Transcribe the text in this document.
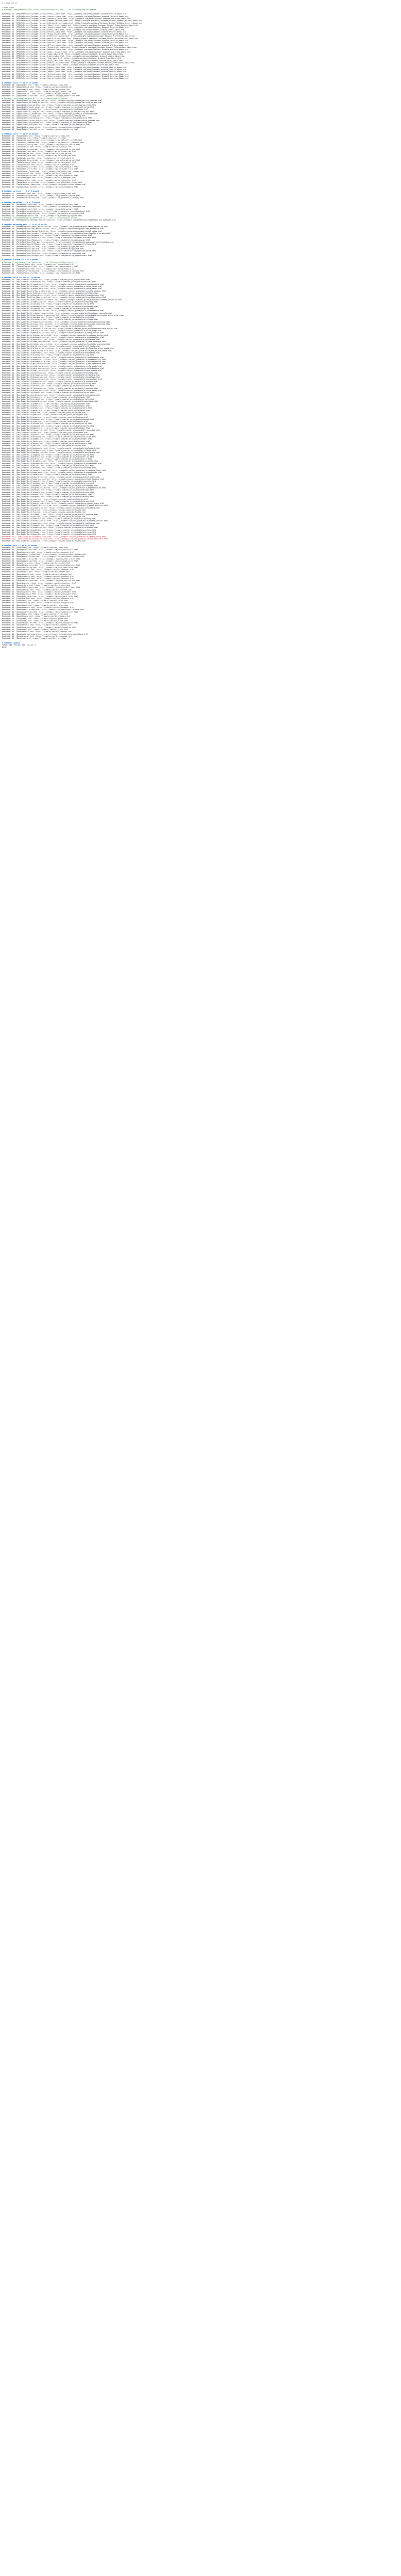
$ ./test_all.sh
> make clean
# Running ./test/base/run_base.sh for /home/user/repo/out/test --- the following modules passed ---
Redirect: OK  /MFE/Reference/Customer_Account_Profile_Admin.html  https://example.com/docs/Customer_Account_Profile_Admin.html
Redirect: OK  /MFE/Reference/Customer_Account_Contacts_Admin.html  https://example.com/docs/Customer_Account_Contacts_Admin.html
Redirect: OK  /MFE/Reference/Customer_Account_Addresses_Admin.html  https://example.com/docs/Customer_Account_Addresses_Admin.html
Redirect: OK  /MFE/Reference/Customer_Account_Payment_Methods_Admin.html  https://example.com/docs/Customer_Account_Payment_Methods_Admin.html
Redirect: OK  /MFE/Reference/Customer_Account_Billing_History_Admin.html  https://example.com/docs/Customer_Account_Billing_History_Admin.html
Redirect: OK  /MFE/Reference/Customer_Account_Subscriptions_Admin.html  https://example.com/docs/Customer_Account_Subscriptions_Admin.html
Redirect: OK  /MFE/Reference/Customer_Account_Invoices_Admin.html  https://example.com/docs/Customer_Account_Invoices_Admin.html
Redirect: OK  /MFE/Reference/Customer_Account_Orders_Admin.html  https://example.com/docs/Customer_Account_Orders_Admin.html
Redirect: OK  /MFE/Reference/Customer_Account_Returns_Admin.html  https://example.com/docs/Customer_Account_Returns_Admin.html
Redirect: OK  /MFE/Reference/Customer_Account_Shipping_Admin.html  https://example.com/docs/Customer_Account_Shipping_Admin.html
Redirect: OK  /MFE/Reference/Customer_Account_Preferences_Admin.html  https://example.com/docs/Customer_Account_Preferences_Admin.html
Redirect: OK  /MFE/Reference/Customer_Account_Notifications_Admin.html  https://example.com/docs/Customer_Account_Notifications_Admin.html
Redirect: OK  /MFE/Reference/Customer_Account_Security_Admin.html  https://example.com/docs/Customer_Account_Security_Admin.html
Redirect: OK  /MFE/Reference/Customer_Account_Sessions_Admin.html  https://example.com/docs/Customer_Account_Sessions_Admin.html
Redirect: OK  /MFE/Reference/Customer_Account_API_Keys_Admin.html  https://example.com/docs/Customer_Account_API_Keys_Admin.html
Redirect: OK  /MFE/Reference/Customer_Account_Integrations_Admin.html  https://example.com/docs/Customer_Account_Integrations_Admin.html
Redirect: OK  /MFE/Reference/Customer_Account_Webhooks_Admin.html  https://example.com/docs/Customer_Account_Webhooks_Admin.html
Redirect: OK  /MFE/Reference/Customer_Account_Audit_Log_Admin.html  https://example.com/docs/Customer_Account_Audit_Log_Admin.html
Redirect: OK  /MFE/Reference/Customer_Account_Usage_Admin.html  https://example.com/docs/Customer_Account_Usage_Admin.html
Redirect: OK  /MFE/Reference/Customer_Account_Limits_Admin.html  https://example.com/docs/Customer_Account_Limits_Admin.html
Redirect: OK  /MFE/Reference/Customer_Account_Team_Admin.html  https://example.com/docs/Customer_Account_Team_Admin.html
Redirect: OK  /MFE/Reference/Customer_Account_Roles_Admin.html  https://example.com/docs/Customer_Account_Roles_Admin.html
Redirect: OK  /MFE/Reference/Customer_Account_Permissions_Admin.html  https://example.com/docs/Customer_Account_Permissions_Admin.html
Redirect: OK  /MFE/Reference/Customer_Account_SSO_Admin.html  https://example.com/docs/Customer_Account_SSO_Admin.html
Redirect: OK  /MFE/Reference/Customer_Account_Domains_Admin.html  https://example.com/docs/Customer_Account_Domains_Admin.html
Redirect: OK  /MFE/Reference/Customer_Account_Exports_Admin.html  https://example.com/docs/Customer_Account_Exports_Admin.html
Redirect: OK  /MFE/Reference/Customer_Account_Imports_Admin.html  https://example.com/docs/Customer_Account_Imports_Admin.html
Redirect: OK  /MFE/Reference/Customer_Account_Settings_Admin.html  https://example.com/docs/Customer_Account_Settings_Admin.html
Redirect: OK  /MFE/Reference/Customer_Account_Deletion_Admin.html  https://example.com/docs/Customer_Account_Deletion_Admin.html
Redirect: OK  /MFE/Reference/Customer_Account_Overview_Admin.html  https://example.com/docs/Customer_Account_Overview_Admin.html
# Section: basic --- 10 of 10 passed
Redirect: OK  /Apps/index.html  https://example.com/apps/index.html
Redirect: OK  /Apps/catalog.html  https://example.com/apps/catalog.html
Redirect: OK  /Apps/search.html  https://example.com/apps/search.html
Redirect: OK  /Apps/install.html  https://example.com/apps/install.html
Redirect: OK  /Apps/uninstall.html  https://example.com/apps/uninstall.html
Redirect: OK  /Apps/permissions.html  https://example.com/apps/permissions.html
# Running ./test/apps/run_apps.sh --- the following modules passed ---
Redirect: OK  /Apps/Guides/getting_started.html  https://example.com/apps/guides/getting_started.html
Redirect: OK  /Apps/Guides/building_an_app.html  https://example.com/apps/guides/building_an_app.html
Redirect: OK  /Apps/Guides/app_manifest.html  https://example.com/apps/guides/app_manifest.html
Redirect: OK  /Apps/Guides/oauth_setup.html  https://example.com/apps/guides/oauth_setup.html
Redirect: OK  /Apps/Guides/webhooks.html  https://example.com/apps/guides/webhooks.html
Redirect: OK  /Apps/Guides/billing_api.html  https://example.com/apps/guides/billing_api.html
Redirect: OK  /Apps/Guides/ui_extensions.html  https://example.com/apps/guides/ui_extensions.html
Redirect: OK  /Apps/Guides/testing.html  https://example.com/apps/guides/testing.html
Redirect: OK  /Apps/Guides/publishing.html  https://example.com/apps/guides/publishing.html
Redirect: OK  /Apps/Guides/review_process.html  https://example.com/apps/guides/review_process.html
Redirect: OK  /Apps/Guides/versioning.html  https://example.com/apps/guides/versioning.html
Redirect: OK  /Apps/Guides/analytics.html  https://example.com/apps/guides/analytics.html
Redirect: OK  /Apps/Guides/support.html  https://example.com/apps/guides/support.html
Redirect: OK  /Apps/Guides/faq.html  https://example.com/apps/guides/faq.html
# Section: tools --- 24 of 24 passed
Redirect: OK  /Tools/index.html  https://example.com/tools/index.html
Redirect: OK  /Tools/cli.html  https://example.com/tools/cli.html
Redirect: OK  /Tools/cli_install.html  https://example.com/tools/cli_install.html
Redirect: OK  /Tools/cli_commands.html  https://example.com/tools/cli_commands.html
Redirect: OK  /Tools/cli_config.html  https://example.com/tools/cli_config.html
Redirect: OK  /Tools/sdk_js.html  https://example.com/tools/sdk_js.html
Redirect: OK  /Tools/sdk_python.html  https://example.com/tools/sdk_python.html
Redirect: OK  /Tools/sdk_ruby.html  https://example.com/tools/sdk_ruby.html
Redirect: OK  /Tools/sdk_go.html  https://example.com/tools/sdk_go.html
Redirect: OK  /Tools/sdk_java.html  https://example.com/tools/sdk_java.html
Redirect: OK  /Tools/sdk_php.html  https://example.com/tools/sdk_php.html
Redirect: OK  /Tools/sdk_dotnet.html  https://example.com/tools/sdk_dotnet.html
Redirect: OK  /Tools/graphiql.html  https://example.com/tools/graphiql.html
Redirect: OK  /Tools/postman.html  https://example.com/tools/postman.html
Redirect: OK  /Tools/theme_kit.html  https://example.com/tools/theme_kit.html
Redirect: OK  /Tools/dev_store.html  https://example.com/tools/dev_store.html
Redirect: OK  /Tools/local_tunnel.html  https://example.com/tools/local_tunnel.html
Redirect: OK  /Tools/linter.html  https://example.com/tools/linter.html
Redirect: OK  /Tools/formatter.html  https://example.com/tools/formatter.html
Redirect: OK  /Tools/debugger.html  https://example.com/tools/debugger.html
Redirect: OK  /Tools/profiler.html  https://example.com/tools/profiler.html
Redirect: OK  /Tools/mock_server.html  https://example.com/tools/mock_server.html
Redirect: OK  /Tools/schema_viewer.html  https://example.com/tools/schema_viewer.html
Redirect: OK  /Tools/changelog.html  https://example.com/tools/changelog.html
# Section: partners --- 3 of 3 passed
Redirect: OK  /Partners/index.html  https://example.com/partners/index.html
Redirect: OK  /Partners/program.html  https://example.com/partners/program.html
Redirect: OK  /Partners/directory.html  https://example.com/partners/directory.html
# Section: marketing --- 6 of 6 passed
Redirect: OK  /Marketing/index.html  https://example.com/marketing/index.html
Redirect: OK  /Marketing/campaigns.html  https://example.com/marketing/campaigns.html
Redirect: OK  /Marketing/email.html  https://example.com/marketing/email.html
Redirect: OK  /Marketing/automations.html  https://example.com/marketing/automations.html
Redirect: OK  /Marketing/segments.html  https://example.com/marketing/segments.html
Redirect: OK  /Marketing/reports.html  https://example.com/marketing/reports.html
# Running ./test/marketing/run_marketing.sh --- the following modules passed ---
Redirect: OK  /Marketing/Integration_Hub_Overview.html  https://example.com/marketing/integration_hub_overview.html
# Section: marketing_apps --- 14 of 14 passed
Redirect: OK  /Marketing/Apps/Email_Marketing.html  https://example.com/marketing/apps/email_marketing.html
Redirect: OK  /Marketing/Apps/SMS_Marketing.html  https://example.com/marketing/apps/sms_marketing.html
Redirect: OK  /Marketing/Apps/Social_Media.html  https://example.com/marketing/apps/social_media.html
Redirect: OK  /Marketing/Apps/Loyalty_Programs.html  https://example.com/marketing/apps/loyalty_programs.html
Redirect: OK  /Marketing/Apps/Reviews.html  https://example.com/marketing/apps/reviews.html
Redirect: OK  /Marketing/Apps/Referrals.html  https://example.com/marketing/apps/referrals.html
Redirect: OK  /Marketing/Apps/Popups.html  https://example.com/marketing/apps/popups.html
Redirect: OK  /Marketing/Apps/Push_Notifications.html  https://example.com/marketing/apps/push_notifications.html
Redirect: OK  /Marketing/Apps/Affiliate.html  https://example.com/marketing/apps/affiliate.html
Redirect: OK  /Marketing/Apps/SEO.html  https://example.com/marketing/apps/seo.html
Redirect: OK  /Marketing/Apps/Ads.html  https://example.com/marketing/apps/ads.html
Redirect: OK  /Marketing/Apps/Analytics.html  https://example.com/marketing/apps/analytics.html
Redirect: OK  /Marketing/Apps/Chat.html  https://example.com/marketing/apps/chat.html
Redirect: OK  /Marketing/Apps/Surveys.html  https://example.com/marketing/apps/surveys.html
# Section: finance --- 5 of 5 passed
# Running ./test/finance/run_finance.sh --- the following modules passed ---
Redirect: OK  /Finance/index.html  https://example.com/finance/index.html
Redirect: OK  /Finance/payouts.html  https://example.com/finance/payouts.html
Redirect: OK  /Finance/taxes.html  https://example.com/finance/taxes.html
Redirect: OK  /Finance/currencies.html  https://example.com/finance/currencies.html
Redirect: OK  /Finance/invoices.html  https://example.com/finance/invoices.html
# Section: build --- 118 of 120 passed
Redirect: OK  /Dev_Guide/Build/index.html  https://example.com/dev_guide/build/index.html
Redirect: OK  /Dev_Guide/Build/overview.html  https://example.com/dev_guide/build/overview.html
Redirect: OK  /Dev_Guide/Build/requirements.html  https://example.com/dev_guide/build/requirements.html
Redirect: OK  /Dev_Guide/Build/setup_linux.html  https://example.com/dev_guide/build/setup_linux.html
Redirect: OK  /Dev_Guide/Build/setup_macos.html  https://example.com/dev_guide/build/setup_macos.html
Redirect: OK  /Dev_Guide/Build/setup_windows.html  https://example.com/dev_guide/build/setup_windows.html
Redirect: OK  /Dev_Guide/Build/toolchain.html  https://example.com/dev_guide/build/toolchain.html
Redirect: OK  /Dev_Guide/Build/dependencies.html  https://example.com/dev_guide/build/dependencies.html
Redirect: OK  /Dev_Guide/Build/configuration.html  https://example.com/dev_guide/build/configuration.html
Redirect: OK  /Dev_Guide/Build/environment_variables.html  https://example.com/dev_guide/build/environment_variables.html
Redirect: OK  /Dev_Guide/Build/compiling.html  https://example.com/dev_guide/build/compiling.html
Redirect: OK  /Dev_Guide/Build/linking.html  https://example.com/dev_guide/build/linking.html
Redirect: OK  /Dev_Guide/Build/packaging.html  https://example.com/dev_guide/build/packaging.html
Redirect: OK  /Dev_Guide/Build/signing.html  https://example.com/dev_guide/build/signing.html
Redirect: OK  /Dev_Guide/Build/notarization.html  https://example.com/dev_guide/build/notarization.html
Redirect: OK  /Dev_Guide/Build/release_channels.html  https://example.com/dev_guide/build/release_channels.html
Redirect: OK  /Dev_Guide/Build/continuous_integration.html  https://example.com/dev_guide/build/continuous_integration.html
Redirect: OK  /Dev_Guide/Build/caching.html  https://example.com/dev_guide/build/caching.html
Redirect: OK  /Dev_Guide/Build/artifacts.html  https://example.com/dev_guide/build/artifacts.html
Redirect: OK  /Dev_Guide/Build/troubleshooting.html  https://example.com/dev_guide/build/troubleshooting.html
Redirect: OK  /Dev_Guide/Build/cross_compiling.html  https://example.com/dev_guide/build/cross_compiling.html
Redirect: OK  /Dev_Guide/Build/docker.html  https://example.com/dev_guide/build/docker.html
Redirect: OK  /Dev_Guide/Build/reproducible_builds.html  https://example.com/dev_guide/build/reproducible_builds.html
Redirect: OK  /Dev_Guide/Build/build_flags.html  https://example.com/dev_guide/build/build_flags.html
Redirect: OK  /Dev_Guide/Build/debug_builds.html  https://example.com/dev_guide/build/debug_builds.html
Redirect: OK  /Dev_Guide/Build/release_builds.html  https://example.com/dev_guide/build/release_builds.html
Redirect: OK  /Dev_Guide/Build/optimization.html  https://example.com/dev_guide/build/optimization.html
Redirect: OK  /Dev_Guide/Build/sanitizers.html  https://example.com/dev_guide/build/sanitizers.html
Redirect: OK  /Dev_Guide/Build/code_coverage.html  https://example.com/dev_guide/build/code_coverage.html
Redirect: OK  /Dev_Guide/Build/static_analysis.html  https://example.com/dev_guide/build/static_analysis.html
Redirect: OK  /Dev_Guide/Build/unit_tests.html  https://example.com/dev_guide/build/unit_tests.html
Redirect: OK  /Dev_Guide/Build/integration_tests.html  https://example.com/dev_guide/build/integration_tests.html
Redirect: OK  /Dev_Guide/Build/end_to_end_tests.html  https://example.com/dev_guide/build/end_to_end_tests.html
Redirect: OK  /Dev_Guide/Build/benchmarks.html  https://example.com/dev_guide/build/benchmarks.html
Redirect: OK  /Dev_Guide/Build/fuzzing.html  https://example.com/dev_guide/build/fuzzing.html
Redirect: OK  /Dev_Guide/Build/localization.html  https://example.com/dev_guide/build/localization.html
Redirect: OK  /Dev_Guide/Build/accessibility.html  https://example.com/dev_guide/build/accessibility.html
Redirect: OK  /Dev_Guide/Build/documentation.html  https://example.com/dev_guide/build/documentation.html
Redirect: OK  /Dev_Guide/Build/api_reference.html  https://example.com/dev_guide/build/api_reference.html
Redirect: OK  /Dev_Guide/Build/style_guide.html  https://example.com/dev_guide/build/style_guide.html
Redirect: OK  /Dev_Guide/Build/contributing.html  https://example.com/dev_guide/build/contributing.html
Redirect: OK  /Dev_Guide/Build/code_review.html  https://example.com/dev_guide/build/code_review.html
Redirect: OK  /Dev_Guide/Build/branching.html  https://example.com/dev_guide/build/branching.html
Redirect: OK  /Dev_Guide/Build/versioning.html  https://example.com/dev_guide/build/versioning.html
Redirect: OK  /Dev_Guide/Build/changelogs.html  https://example.com/dev_guide/build/changelogs.html
Redirect: OK  /Dev_Guide/Build/deprecation.html  https://example.com/dev_guide/build/deprecation.html
Redirect: OK  /Dev_Guide/Build/migration.html  https://example.com/dev_guide/build/migration.html
Redirect: OK  /Dev_Guide/Build/security.html  https://example.com/dev_guide/build/security.html
Redirect: OK  /Dev_Guide/Build/secrets.html  https://example.com/dev_guide/build/secrets.html
Redirect: OK  /Dev_Guide/Build/licensing.html  https://example.com/dev_guide/build/licensing.html
Redirect: OK  /Dev_Guide/Build/third_party.html  https://example.com/dev_guide/build/third_party.html
Redirect: OK  /Dev_Guide/Build/plugins.html  https://example.com/dev_guide/build/plugins.html
Redirect: OK  /Dev_Guide/Build/extensions.html  https://example.com/dev_guide/build/extensions.html
Redirect: OK  /Dev_Guide/Build/hooks.html  https://example.com/dev_guide/build/hooks.html
Redirect: OK  /Dev_Guide/Build/scripts.html  https://example.com/dev_guide/build/scripts.html
Redirect: OK  /Dev_Guide/Build/makefiles.html  https://example.com/dev_guide/build/makefiles.html
Redirect: OK  /Dev_Guide/Build/cmake.html  https://example.com/dev_guide/build/cmake.html
Redirect: OK  /Dev_Guide/Build/bazel.html  https://example.com/dev_guide/build/bazel.html
Redirect: OK  /Dev_Guide/Build/gradle.html  https://example.com/dev_guide/build/gradle.html
Redirect: OK  /Dev_Guide/Build/maven.html  https://example.com/dev_guide/build/maven.html
Redirect: OK  /Dev_Guide/Build/npm.html  https://example.com/dev_guide/build/npm.html
Redirect: OK  /Dev_Guide/Build/yarn.html  https://example.com/dev_guide/build/yarn.html
Redirect: OK  /Dev_Guide/Build/pnpm.html  https://example.com/dev_guide/build/pnpm.html
Redirect: OK  /Dev_Guide/Build/webpack.html  https://example.com/dev_guide/build/webpack.html
Redirect: OK  /Dev_Guide/Build/vite.html  https://example.com/dev_guide/build/vite.html
Redirect: OK  /Dev_Guide/Build/rollup.html  https://example.com/dev_guide/build/rollup.html
Redirect: OK  /Dev_Guide/Build/esbuild.html  https://example.com/dev_guide/build/esbuild.html
Redirect: OK  /Dev_Guide/Build/babel.html  https://example.com/dev_guide/build/babel.html
Redirect: OK  /Dev_Guide/Build/typescript.html  https://example.com/dev_guide/build/typescript.html
Redirect: OK  /Dev_Guide/Build/sass.html  https://example.com/dev_guide/build/sass.html
Redirect: OK  /Dev_Guide/Build/postcss.html  https://example.com/dev_guide/build/postcss.html
Redirect: OK  /Dev_Guide/Build/tailwind.html  https://example.com/dev_guide/build/tailwind.html
Redirect: OK  /Dev_Guide/Build/images.html  https://example.com/dev_guide/build/images.html
Redirect: OK  /Dev_Guide/Build/fonts.html  https://example.com/dev_guide/build/fonts.html
Redirect: OK  /Dev_Guide/Build/assets.html  https://example.com/dev_guide/build/assets.html
Redirect: OK  /Dev_Guide/Build/cdn.html  https://example.com/dev_guide/build/cdn.html
Redirect: OK  /Dev_Guide/Build/deployment.html  https://example.com/dev_guide/build/deployment.html
Redirect: OK  /Dev_Guide/Build/rollback.html  https://example.com/dev_guide/build/rollback.html
Redirect: OK  /Dev_Guide/Build/monitoring.html  https://example.com/dev_guide/build/monitoring.html
Redirect: OK  /Dev_Guide/Build/logging.html  https://example.com/dev_guide/build/logging.html
Redirect: OK  /Dev_Guide/Build/metrics.html  https://example.com/dev_guide/build/metrics.html
Redirect: OK  /Dev_Guide/Build/alerts.html  https://example.com/dev_guide/build/alerts.html
Redirect: OK  /Dev_Guide/Build/incidents.html  https://example.com/dev_guide/build/incidents.html
Redirect: OK  /Dev_Guide/Build/postmortems.html  https://example.com/dev_guide/build/postmortems.html
Redirect: OK  /Dev_Guide/Build/on_call.html  https://example.com/dev_guide/build/on_call.html
Redirect: OK  /Dev_Guide/Build/runbooks.html  https://example.com/dev_guide/build/runbooks.html
Redirect: OK  /Dev_Guide/Build/feature_flags.html  https://example.com/dev_guide/build/feature_flags.html
Redirect: OK  /Dev_Guide/Build/experiments.html  https://example.com/dev_guide/build/experiments.html
Redirect: OK  /Dev_Guide/Build/canary.html  https://example.com/dev_guide/build/canary.html
Redirect: OK  /Dev_Guide/Build/blue_green.html  https://example.com/dev_guide/build/blue_green.html
Redirect: OK  /Dev_Guide/Build/load_testing.html  https://example.com/dev_guide/build/load_testing.html
Redirect: OK  /Dev_Guide/Build/capacity.html  https://example.com/dev_guide/build/capacity.html
Redirect: OK  /Dev_Guide/Build/scaling.html  https://example.com/dev_guide/build/scaling.html
Redirect: OK  /Dev_Guide/Build/databases.html  https://example.com/dev_guide/build/databases.html
Redirect: OK  /Dev_Guide/Build/migrations_db.html  https://example.com/dev_guide/build/migrations_db.html
Redirect: OK  /Dev_Guide/Build/backups.html  https://example.com/dev_guide/build/backups.html
Redirect: OK  /Dev_Guide/Build/restore.html  https://example.com/dev_guide/build/restore.html
Redirect: OK  /Dev_Guide/Build/queues.html  https://example.com/dev_guide/build/queues.html
Redirect: OK  /Dev_Guide/Build/workers.html  https://example.com/dev_guide/build/workers.html
Redirect: OK  /Dev_Guide/Build/cron.html  https://example.com/dev_guide/build/cron.html
Redirect: OK  /Dev_Guide/Build/storage.html  https://example.com/dev_guide/build/storage.html
Redirect: OK  /Dev_Guide/Build/search_index.html  https://example.com/dev_guide/build/search_index.html
Redirect: OK  /Dev_Guide/Build/email_delivery.html  https://example.com/dev_guide/build/email_delivery.html
Redirect: OK  /Dev_Guide/Build/networking.html  https://example.com/dev_guide/build/networking.html
Redirect: OK  /Dev_Guide/Build/dns.html  https://example.com/dev_guide/build/dns.html
Redirect: OK  /Dev_Guide/Build/tls.html  https://example.com/dev_guide/build/tls.html
Redirect: OK  /Dev_Guide/Build/firewalls.html  https://example.com/dev_guide/build/firewalls.html
Redirect: OK  /Dev_Guide/Build/vpn.html  https://example.com/dev_guide/build/vpn.html
Redirect: OK  /Dev_Guide/Build/identity.html  https://example.com/dev_guide/build/identity.html
Redirect: OK  /Dev_Guide/Build/access_control.html  https://example.com/dev_guide/build/access_control.html
Redirect: OK  /Dev_Guide/Build/compliance.html  https://example.com/dev_guide/build/compliance.html
Redirect: OK  /Dev_Guide/Build/privacy.html  https://example.com/dev_guide/build/privacy.html
Redirect: OK  /Dev_Guide/Build/retention.html  https://example.com/dev_guide/build/retention.html
Redirect: OK  /Dev_Guide/Build/auditing.html  https://example.com/dev_guide/build/auditing.html
Redirect: OK  /Dev_Guide/Build/glossary.html  https://example.com/dev_guide/build/glossary.html
Redirect: OK  /Dev_Guide/Build/appendix.html  https://example.com/dev_guide/build/appendix.html
Redirect: FAIL  /Dev_Guide/Build/legacy_setup.html  https://example.com/dev_guide/build/legacy_setup.html
Redirect: FAIL  /Dev_Guide/Build/old_toolchain.html  https://example.com/dev_guide/build/old_toolchain.html
Redirect: OK  /Dev_Guide/Build/faq.html  https://example.com/dev_guide/build/faq.html
# Section: docs --- 42 of 42 passed
Redirect: OK  /Docs/index.html  https://example.com/docs/index.html
Redirect: OK  /Docs/quickstart.html  https://example.com/docs/quickstart.html
Redirect: OK  /Docs/concepts.html  https://example.com/docs/concepts.html
Redirect: OK  /Docs/authentication.html  https://example.com/docs/authentication.html
Redirect: OK  /Docs/authorization.html  https://example.com/docs/authorization.html
Redirect: OK  /Docs/rate_limits.html  https://example.com/docs/rate_limits.html
Redirect: OK  /Docs/pagination.html  https://example.com/docs/pagination.html
Redirect: OK  /Docs/errors.html  https://example.com/docs/errors.html
Redirect: OK  /Docs/idempotency.html  https://example.com/docs/idempotency.html
Redirect: OK  /Docs/versioning.html  https://example.com/docs/versioning.html
Redirect: OK  /Docs/webhooks.html  https://example.com/docs/webhooks.html
Redirect: OK  /Docs/events.html  https://example.com/docs/events.html
Redirect: OK  /Docs/objects.html  https://example.com/docs/objects.html
Redirect: OK  /Docs/products.html  https://example.com/docs/products.html
Redirect: OK  /Docs/variants.html  https://example.com/docs/variants.html
Redirect: OK  /Docs/collections.html  https://example.com/docs/collections.html
Redirect: OK  /Docs/inventory.html  https://example.com/docs/inventory.html
Redirect: OK  /Docs/orders.html  https://example.com/docs/orders.html
Redirect: OK  /Docs/fulfillment.html  https://example.com/docs/fulfillment.html
Redirect: OK  /Docs/refunds.html  https://example.com/docs/refunds.html
Redirect: OK  /Docs/customers.html  https://example.com/docs/customers.html
Redirect: OK  /Docs/discounts.html  https://example.com/docs/discounts.html
Redirect: OK  /Docs/gift_cards.html  https://example.com/docs/gift_cards.html
Redirect: OK  /Docs/checkout.html  https://example.com/docs/checkout.html
Redirect: OK  /Docs/carts.html  https://example.com/docs/carts.html
Redirect: OK  /Docs/shipping.html  https://example.com/docs/shipping.html
Redirect: OK  /Docs/taxes.html  https://example.com/docs/taxes.html
Redirect: OK  /Docs/payments.html  https://example.com/docs/payments.html
Redirect: OK  /Docs/subscriptions.html  https://example.com/docs/subscriptions.html
Redirect: OK  /Docs/metafields.html  https://example.com/docs/metafields.html
Redirect: OK  /Docs/files.html  https://example.com/docs/files.html
Redirect: OK  /Docs/themes.html  https://example.com/docs/themes.html
Redirect: OK  /Docs/pages.html  https://example.com/docs/pages.html
Redirect: OK  /Docs/blogs.html  https://example.com/docs/blogs.html
Redirect: OK  /Docs/navigation.html  https://example.com/docs/navigation.html
Redirect: OK  /Docs/markets.html  https://example.com/docs/markets.html
Redirect: OK  /Docs/locations.html  https://example.com/docs/locations.html
Redirect: OK  /Docs/staff.html  https://example.com/docs/staff.html
Redirect: OK  /Docs/reports.html  https://example.com/docs/reports.html
Redirect: OK  /Docs/bulk_operations.html  https://example.com/docs/bulk_operations.html
Redirect: OK  /Docs/graphql.html  https://example.com/docs/graphql.html
Redirect: OK  /Docs/rest.html  https://example.com/docs/rest.html
# Section: summary
Total: 258  Passed: 256  Failed: 2
Done.
